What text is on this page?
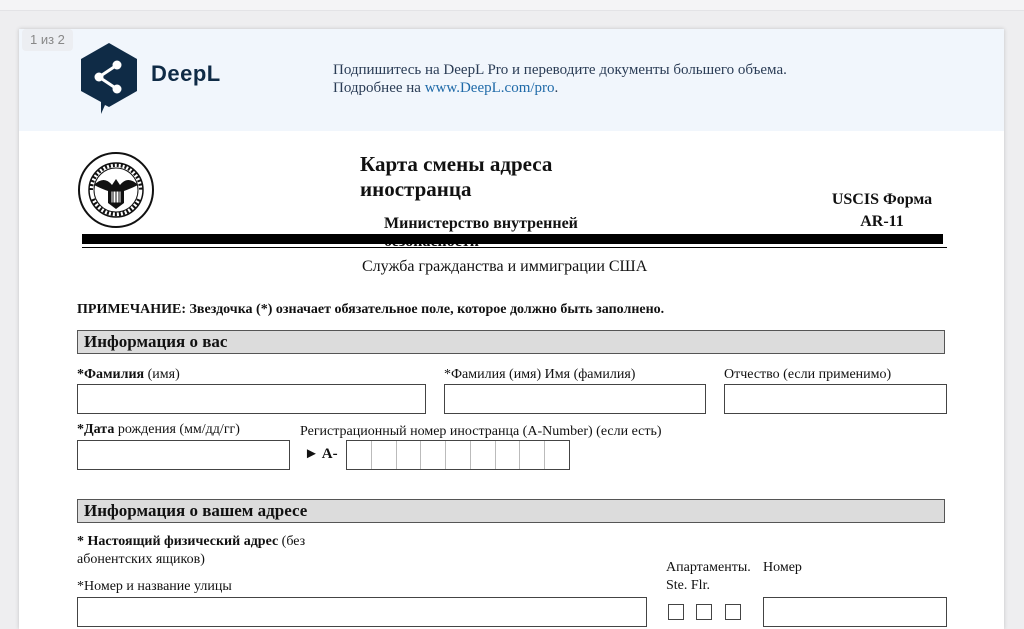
DeepL	Подпишитесь на DeepL Pro и переводите документы большего объема.
Подробнее на www.DeepL.com/pro.
1 из 2
Карта смены адреса иностранца
Министерство внутренней
USCIS Форма AR-11
Служба гражданства и иммиграции США
ПРИМЕЧАНИЕ: Звездочка (*) означает обязательное поле, которое должно быть заполнено.
Информация о вас
*Фамилия (имя)	*Фамилия (имя) Имя (фамилия)	Отчество (если применимо)
*Дата рождения (мм/дд/гг)	Регистрационный номер иностранца (A-Number) (если есть)
► A-
Информация о вашем адресе
* Настоящий физический адрес (без абонентских ящиков)
*Номер и название улицы
Апартаменты. Ste. Flr.
Номер
